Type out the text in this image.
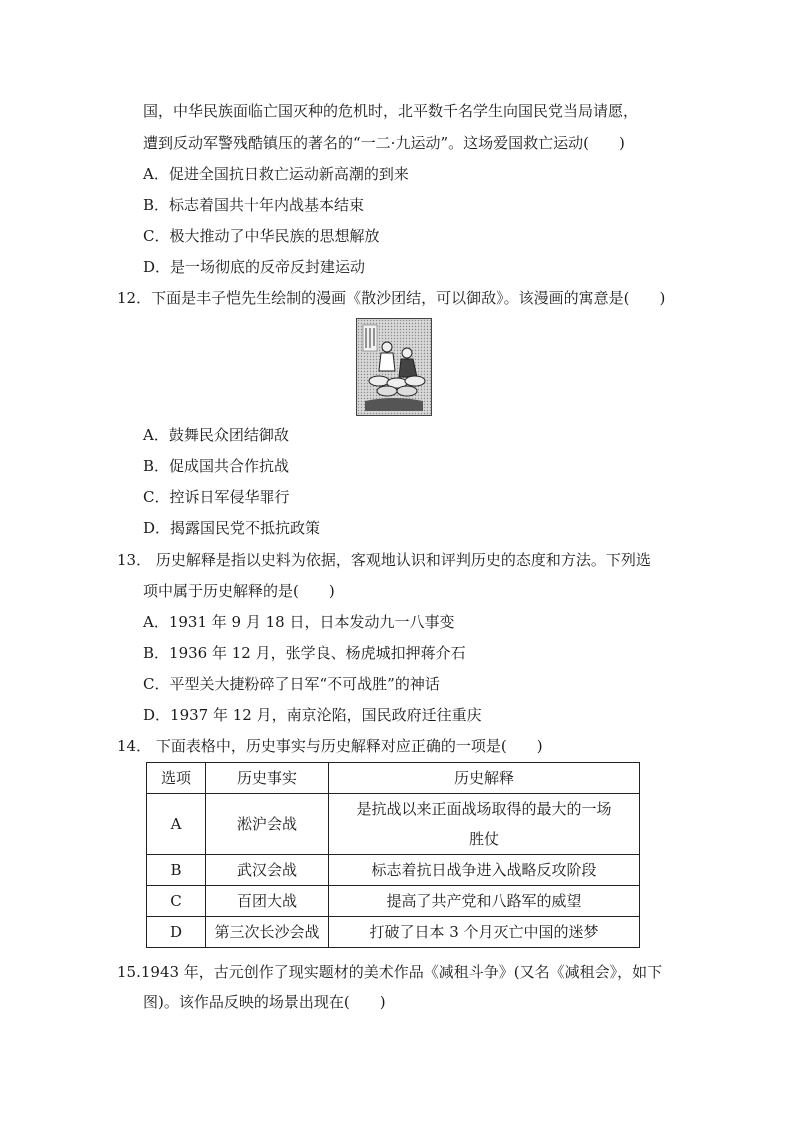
国，中华民族面临亡国灭种的危机时，北平数千名学生向国民党当局请愿，
遭到反动军警残酷镇压的著名的“一二·九运动”。这场爱国救亡运动(　　)
A．促进全国抗日救亡运动新高潮的到来
B．标志着国共十年内战基本结束
C．极大推动了中华民族的思想解放
D．是一场彻底的反帝反封建运动
12．下面是丰子恺先生绘制的漫画《散沙团结，可以御敌》。该漫画的寓意是(　　)
A．鼓舞民众团结御敌
B．促成国共合作抗战
C．控诉日军侵华罪行
D．揭露国民党不抵抗政策
13． 历史解释是指以史料为依据，客观地认识和评判历史的态度和方法。下列选
项中属于历史解释的是(　　)
A．1931 年 9 月 18 日，日本发动九一八事变
B．1936 年 12 月，张学良、杨虎城扣押蒋介石
C．平型关大捷粉碎了日军“不可战胜”的神话
D．1937 年 12 月，南京沦陷，国民政府迁往重庆
14． 下面表格中，历史事实与历史解释对应正确的一项是(　　)
选项	历史事实	历史解释
A	淞沪会战	是抗战以来正面战场取得的最大的一场
胜仗

B	武汉会战	标志着抗日战争进入战略反攻阶段
C	百团大战	提高了共产党和八路军的威望
D	第三次长沙会战	打破了日本 3 个月灭亡中国的迷梦
15.1943 年，古元创作了现实题材的美术作品《减租斗争》(又名《减租会》，如下
图)。该作品反映的场景出现在(　　)
